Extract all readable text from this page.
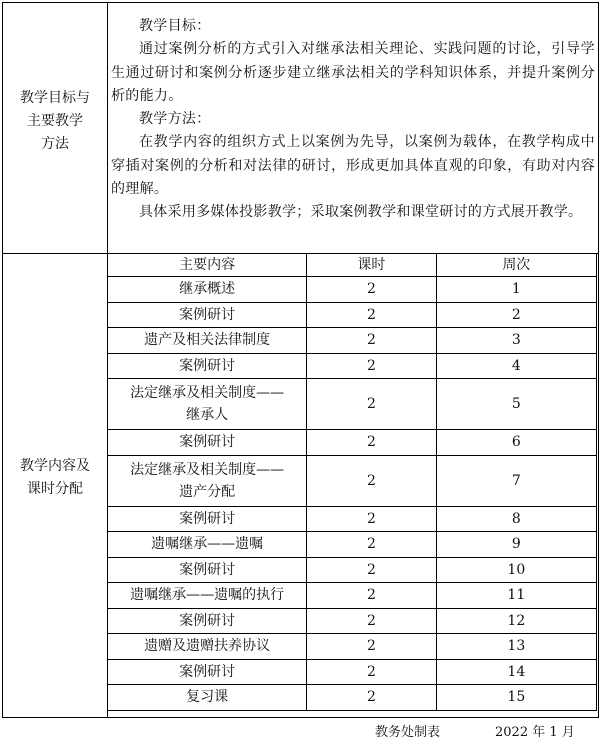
教学目标与
主要教学
方法

教学目标：

通过案例分析的方式引入对继承法相关理论、实践问题的讨论，引导学生通过研讨和案例分析逐步建立继承法相关的学科知识体系，并提升案例分析的能力。

教学方法：

在教学内容的组织方式上以案例为先导，以案例为载体，在教学构成中穿插对案例的分析和对法律的研讨，形成更加具体直观的印象，有助对内容的理解。

具体采用多媒体投影教学；采取案例教学和课堂研讨的方式展开教学。

教学内容及
课时分配
主要内容	课时	周次

继承概述	2	1

案例研讨	2	2

遗产及相关法律制度	2	3

案例研讨	2	4

法定继承及相关制度——
继承人	2	5

案例研讨	2	6

法定继承及相关制度——
遗产分配	2	7

案例研讨	2	8

遗嘱继承——遗嘱	2	9

案例研讨	2	10

遗嘱继承——遗嘱的执行	2	11

案例研讨	2	12

遗赠及遗赠扶养协议	2	13

案例研讨	2	14

复习课	2	15
教务处制表	2022 年 1 月
